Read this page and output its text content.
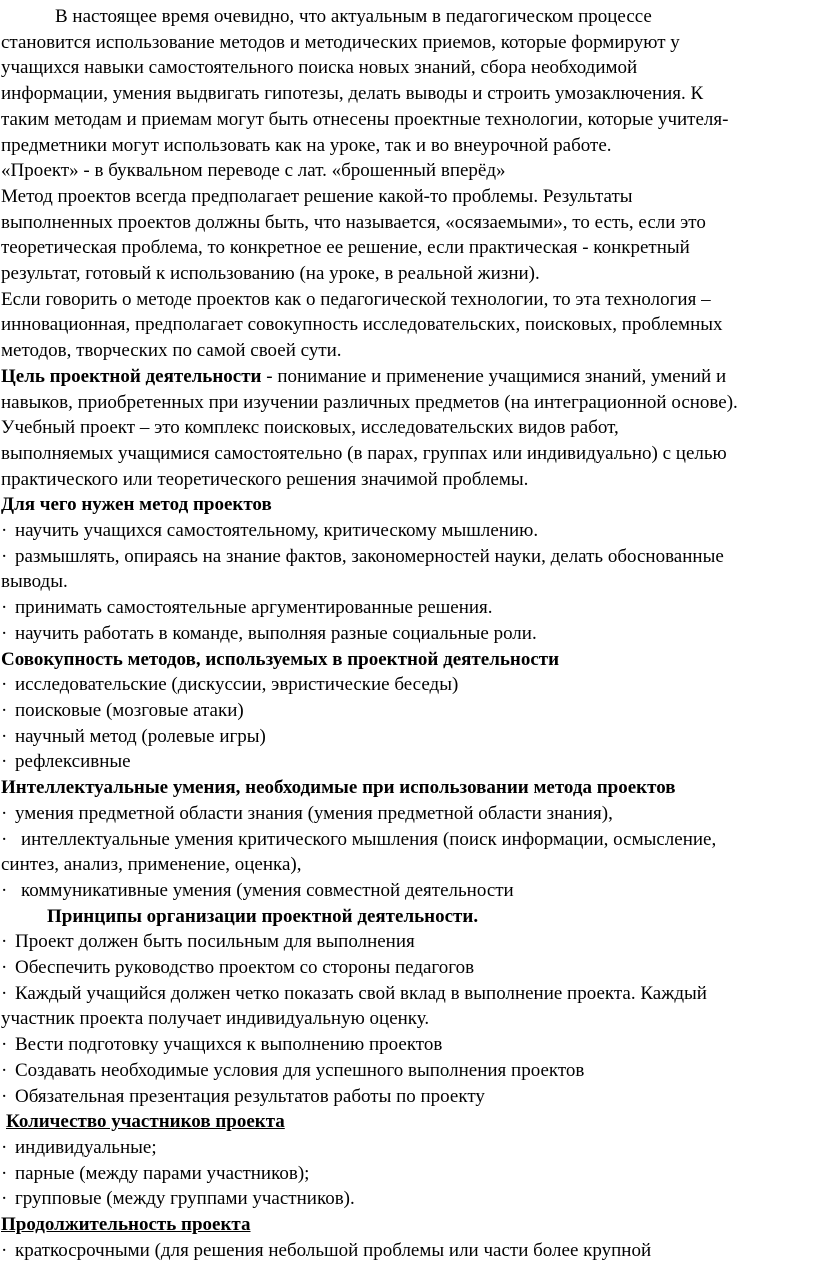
В настоящее время очевидно, что актуальным в педагогическом процессе

становится использование методов и методических приемов, которые формируют у

учащихся навыки самостоятельного поиска новых знаний, сбора необходимой

информации, умения выдвигать гипотезы, делать выводы и строить умозаключения. К

таким методам и приемам могут быть отнесены проектные технологии, которые учителя-

предметники могут использовать как на уроке, так и во внеурочной работе.

«Проект» - в буквальном переводе с лат. «брошенный вперёд»

Метод проектов всегда предполагает решение какой-то проблемы. Результаты

выполненных проектов должны быть, что называется, «осязаемыми», то есть, если это

теоретическая проблема, то конкретное ее решение, если практическая - конкретный

результат, готовый к использованию (на уроке, в реальной жизни).

Если говорить о методе проектов как о педагогической технологии, то эта технология –

инновационная, предполагает совокупность исследовательских, поисковых, проблемных

методов, творческих по самой своей сути.

Цель проектной деятельности - понимание и применение учащимися знаний, умений и

навыков, приобретенных при изучении различных предметов (на интеграционной основе).

Учебный проект – это комплекс поисковых, исследовательских видов работ,

выполняемых учащимися самостоятельно (в парах, группах или индивидуально) с целью

практического или теоретического решения значимой проблемы.

Для чего нужен метод проектов

· научить учащихся самостоятельному, критическому мышлению.

· размышлять, опираясь на знание фактов, закономерностей науки, делать обоснованные

выводы.

· принимать самостоятельные аргументированные решения.

· научить работать в команде, выполняя разные социальные роли.

Совокупность методов, используемых в проектной деятельности

· исследовательские (дискуссии, эвристические беседы)

· поисковые (мозговые атаки)

· научный метод (ролевые игры)

· рефлексивные

Интеллектуальные умения, необходимые при использовании метода проектов

· умения предметной области знания (умения предметной области знания),

· интеллектуальные умения критического мышления (поиск информации, осмысление,

синтез, анализ, применение, оценка),

· коммуникативные умения (умения совместной деятельности

Принципы организации проектной деятельности.

· Проект должен быть посильным для выполнения

· Обеспечить руководство проектом со стороны педагогов

· Каждый учащийся должен четко показать свой вклад в выполнение проекта. Каждый

участник проекта получает индивидуальную оценку.

· Вести подготовку учащихся к выполнению проектов

· Создавать необходимые условия для успешного выполнения проектов

· Обязательная презентация результатов работы по проекту

Количество участников проекта

· индивидуальные;

· парные (между парами участников);

· групповые (между группами участников).

Продолжительность проекта

· краткосрочными (для решения небольшой проблемы или части более крупной
